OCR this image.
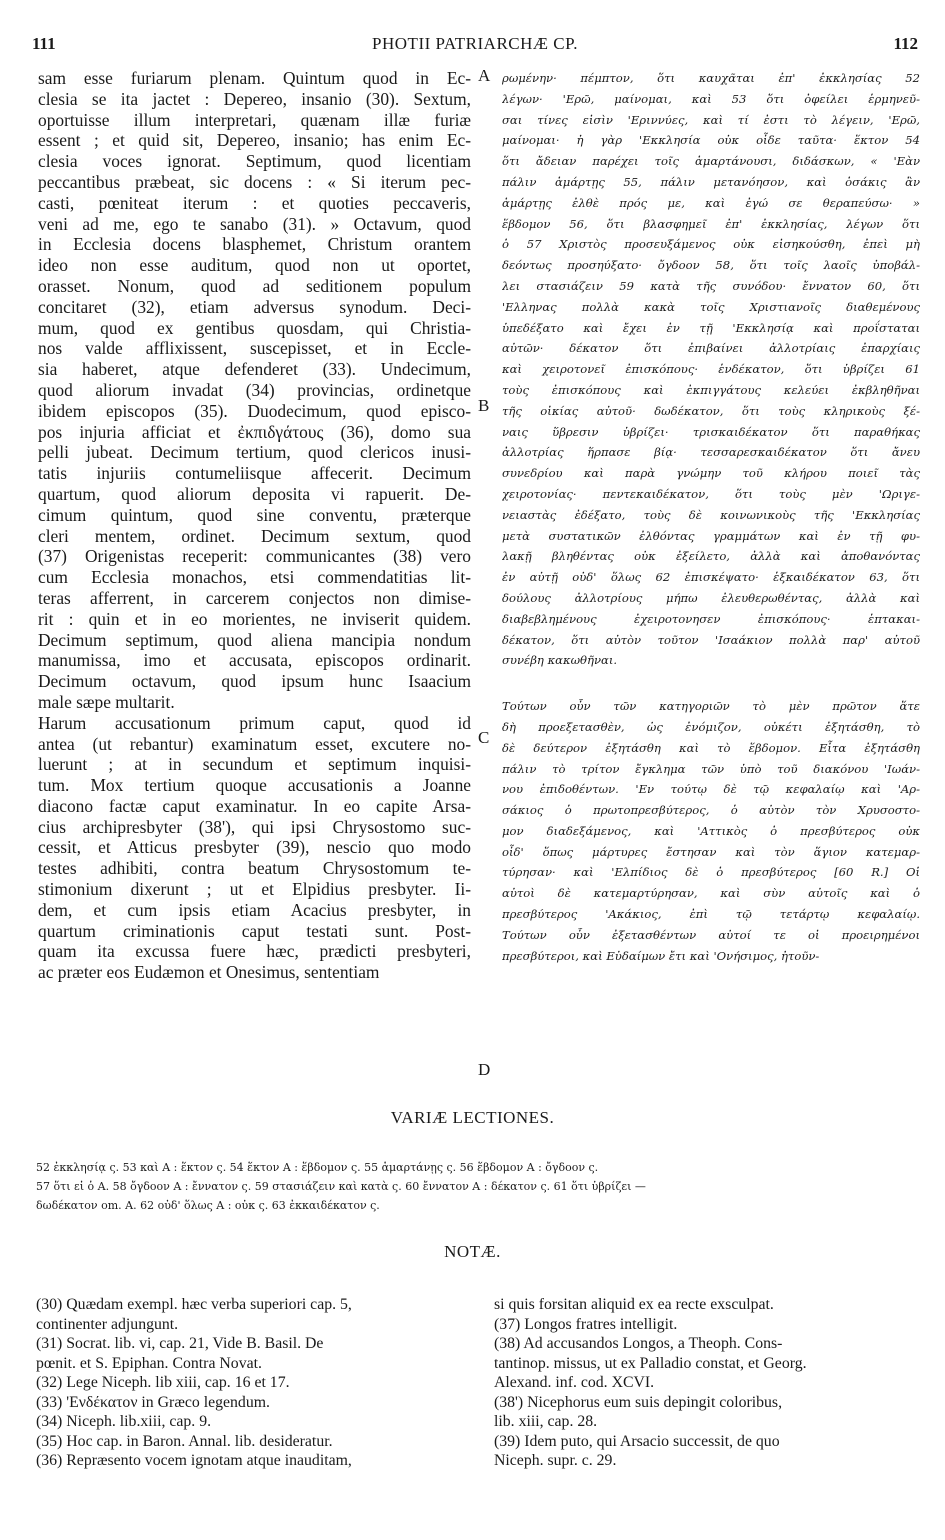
111	PHOTII PATRIARCHÆ CP.	112
sam esse furiarum plenam. Quintum quod in Ec-
clesia se ita jactet : Depereo, insanio (30). Sextum,
oportuisse illum interpretari, quænam illæ furiæ
essent ; et quid sit, Depereo, insanio; has enim Ec-
clesia voces ignorat. Septimum, quod licentiam
peccantibus præbeat, sic docens : « Si iterum pec-
casti, pœniteat iterum : et quoties peccaveris,
veni ad me, ego te sanabo (31). » Octavum, quod
in Ecclesia docens blasphemet, Christum orantem
ideo non esse auditum, quod non ut oportet,
orasset. Nonum, quod ad seditionem populum
concitaret (32), etiam adversus synodum. Deci-
mum, quod ex gentibus quosdam, qui Christia-
nos valde afflixissent, suscepisset, et in Eccle-
sia haberet, atque defenderet (33). Undecimum,
quod aliorum invadat (34) provincias, ordinetque
ibidem episcopos (35). Duodecimum, quod episco-
pos injuria afficiat et ἐκπιδγάτους (36), domo sua
pelli jubeat. Decimum tertium, quod clericos inusi-
tatis injuriis contumeliisque affecerit. Decimum
quartum, quod aliorum deposita vi rapuerit. De-
cimum quintum, quod sine conventu, præterque
cleri mentem, ordinet. Decimum sextum, quod
(37) Origenistas receperit: communicantes (38) vero
cum Ecclesia monachos, etsi commendatitias lit-
teras afferrent, in carcerem conjectos non dimise-
rit : quin et in eo morientes, ne inviserit quidem.
Decimum septimum, quod aliena mancipia nondum
manumissa, imo et accusata, episcopos ordinarit.
Decimum octavum, quod ipsum hunc Isaacium
male sæpe multarit.
Harum accusationum primum caput, quod id
antea (ut rebantur) examinatum esset, excutere no-
luerunt ; at in secundum et septimum inquisi-
tum. Mox tertium quoque accusationis a Joanne
diacono factæ caput examinatur. In eo capite Arsa-
cius archipresbyter (38'), qui ipsi Chrysostomo suc-
cessit, et Atticus presbyter (39), nescio quo modo
testes adhibiti, contra beatum Chrysostomum te-
stimonium dixerunt ; ut et Elpidius presbyter. Ii-
dem, et cum ipsis etiam Acacius presbyter, in
quartum criminationis caput testati sunt. Post-
quam ita excussa fuere hæc, prædicti presbyteri,
ac præter eos Eudæmon et Onesimus, sententiam
ρωμένην· πέμπτον, ὅτι καυχᾶται ἐπ' ἐκκλησίας 52
λέγων· 'Ερῶ, μαίνομαι, καὶ 53 ὅτι ὀφείλει ἑρμηνεῦ-
σαι τίνες εἰσὶν 'Εριννύες, καὶ τί ἐστι τὸ λέγειν, 'Ερῶ,
μαίνομαι· ἡ γὰρ 'Εκκλησία οὐκ οἶδε ταῦτα· ἕκτον 54
ὅτι ἄδειαν παρέχει τοῖς ἁμαρτάνουσι, διδάσκων, « 'Εὰν
πάλιν ἁμάρτῃς 55, πάλιν μετανόησον, καὶ ὁσάκις ἂν
ἁμάρτῃς ἐλθὲ πρός με, καὶ ἐγώ σε θεραπεύσω· »
ἕβδομον 56, ὅτι βλασφημεῖ ἐπ' ἐκκλησίας, λέγων ὅτι
ὁ 57 Χριστὸς προσευξάμενος οὐκ εἰσηκούσθη, ἐπεὶ μὴ
δεόντως προσηύξατο· ὄγδοον 58, ὅτι τοῖς λαοῖς ὑποβάλ-
λει στασιάζειν 59 κατὰ τῆς συνόδου· ἔννατον 60, ὅτι
'Ελληνας πολλὰ κακὰ τοῖς Χριστιανοῖς διαθεμένους
ὑπεδέξατο καὶ ἔχει ἐν τῇ 'Εκκλησίᾳ καὶ προΐσταται
αὐτῶν· δέκατον ὅτι ἐπιβαίνει ἀλλοτρίαις ἐπαρχίαις
καὶ χειροτονεῖ ἐπισκόπους· ἑνδέκατον, ὅτι ὑβρίζει 61
τοὺς ἐπισκόπους καὶ ἐκπιγγάτους κελεύει ἐκβληθῆναι
τῆς οἰκίας αὐτοῦ· δωδέκατον, ὅτι τοὺς κληρικοὺς ξέ-
ναις ὕβρεσιν ὑβρίζει· τρισκαιδέκατον ὅτι παραθήκας
ἀλλοτρίας ἥρπασε βίᾳ· τεσσαρεσκαιδέκατον ὅτι ἄνευ
συνεδρίου καὶ παρὰ γνώμην τοῦ κλήρου ποιεῖ τὰς
χειροτονίας· πεντεκαιδέκατον, ὅτι τοὺς μὲν 'Ωριγε-
νειαστὰς ἐδέξατο, τοὺς δὲ κοινωνικοὺς τῆς 'Εκκλησίας
μετὰ συστατικῶν ἐλθόντας γραμμάτων καὶ ἐν τῇ φυ-
λακῇ βληθέντας οὐκ ἐξείλετο, ἀλλὰ καὶ ἀποθανόντας
ἐν αὐτῇ οὐδ' ὅλως 62 ἐπισκέψατο· ἑξκαιδέκατον 63, ὅτι
δούλους ἀλλοτρίους μήπω ἐλευθερωθέντας, ἀλλὰ καὶ
διαβεβλημένους ἐχειροτονησεν ἐπισκόπους· ἑπτακαι-
δέκατον, ὅτι αὐτὸν τοῦτον 'Ισαάκιον πολλὰ παρ' αὐτοῦ
συνέβη κακωθῆναι.
Τούτων οὖν τῶν κατηγοριῶν τὸ μὲν πρῶτον ἅτε
δὴ προεξετασθὲν, ὡς ἐνόμιζον, οὐκέτι ἐξητάσθη, τὸ
δὲ δεύτερον ἐξητάσθη καὶ τὸ ἕβδομον. Εἶτα ἐξητάσθη
πάλιν τὸ τρίτον ἔγκλημα τῶν ὑπὸ τοῦ διακόνου 'Ιωάν-
νου ἐπιδοθέντων. 'Εν τούτῳ δὲ τῷ κεφαλαίῳ καὶ 'Αρ-
σάκιος ὁ πρωτοπρεσβύτερος, ὁ αὐτὸν τὸν Χρυσοστο-
μον διαδεξάμενος, καὶ 'Αττικὸς ὁ πρεσβύτερος οὐκ
οἶδ' ὅπως μάρτυρες ἔστησαν καὶ τὸν ἅγιον κατεμαρ-
τύρησαν· καὶ 'Ελπίδιος δὲ ὁ πρεσβύτερος [60 R.] Οἱ
αὐτοὶ δὲ κατεμαρτύρησαν, καὶ σὺν αὐτοῖς καὶ ὁ
πρεσβύτερος 'Ακάκιος, ἐπὶ τῷ τετάρτῳ κεφαλαίῳ.
Τούτων οὖν ἐξετασθέντων αὐτοί τε οἱ προειρημένοι
πρεσβύτεροι, καὶ Εὐδαίμων ἔτι καὶ 'Ονήσιμος, ἠτοῦν-
A
B
C
D
VARIÆ LECTIONES.
52 ἐκκλησίᾳ ς. 53 καὶ A : ἕκτον ς. 54 ἕκτον A : ἕβδομον ς. 55 ἁμαρτάνῃς ς. 56 ἕβδομον A : ὄγδοον ς.
57 ὅτι εἰ ὁ A. 58 ὄγδοον A : ἔννατον ς. 59 στασιάζειν καὶ κατὰ ς. 60 ἔννατον A : δέκατον ς. 61 ὅτι ὑβρίζει —
δωδέκατον om. A. 62 οὐδ' ὅλως A : οὐκ ς. 63 ἐκκαιδέκατον ς.
NOTÆ.
(30) Quædam exempl. hæc verba superiori cap. 5,
continenter adjungunt.
(31) Socrat. lib. vi, cap. 21, Vide B. Basil. De
pœnit. et S. Epiphan. Contra Novat.
(32) Lege Niceph. lib xiii, cap. 16 et 17.
(33) 'Ενδέκατον in Græco legendum.
(34) Niceph. lib.xiii, cap. 9.
(35) Hoc cap. in Baron. Annal. lib. desideratur.
(36) Repræsento vocem ignotam atque inauditam,
si quis forsitan aliquid ex ea recte exsculpat.
(37) Longos fratres intelligit.
(38) Ad accusandos Longos, a Theoph. Cons-
tantinop. missus, ut ex Palladio constat, et Georg.
Alexand. inf. cod. XCVI.
(38') Nicephorus eum suis depingit coloribus,
lib. xiii, cap. 28.
(39) Idem puto, qui Arsacio successit, de quo
Niceph. supr. c. 29.
